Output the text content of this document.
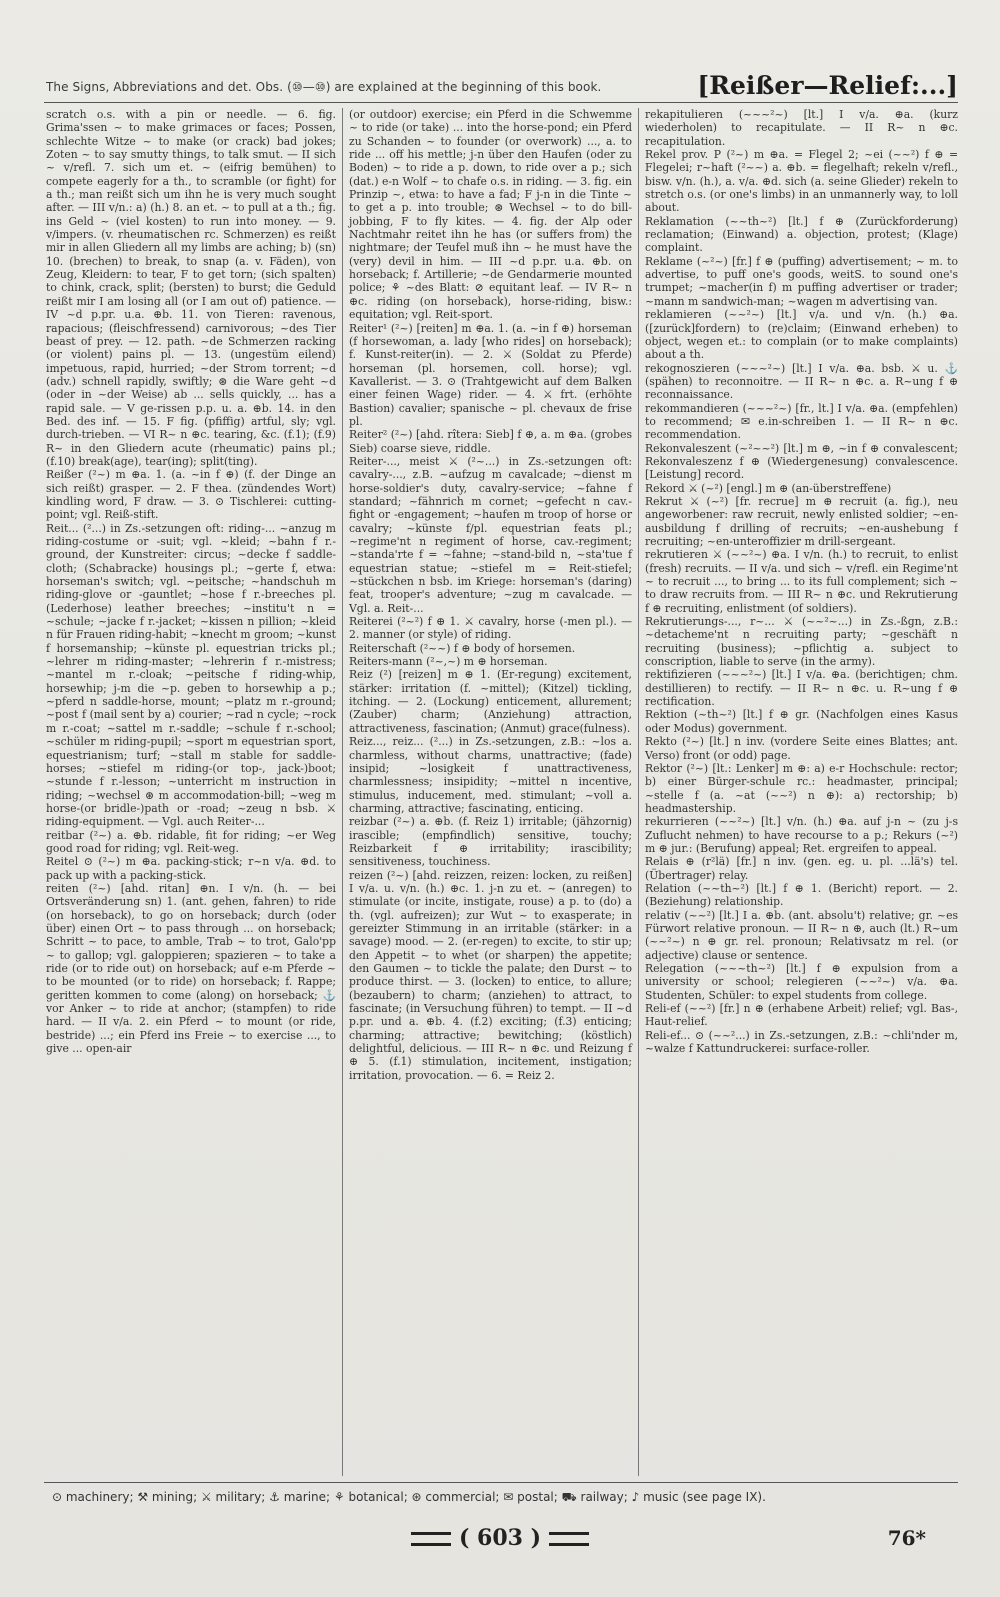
The Signs, Abbreviations and det. Obs. (⑩—⑩) are explained at the beginning of this book.	[Reißer—Relief:...]

scratch o.s. with a pin or needle. — 6. fig. Grima'ssen ~ to make grimaces or faces; Possen, schlechte Witze ~ to make (or crack) bad jokes; Zoten ~ to say smutty things, to talk smut. — II sich ~ v/refl. 7. sich um et. ~ (eifrig bemühen) to compete eagerly for a th., to scramble (or fight) for a th.; man reißt sich um ihn he is very much sought after. — III v/n.: a) (h.) 8. an et. ~ to pull at a th.; fig. ins Geld ~ (viel kosten) to run into money. — 9. v/impers. (v. rheumatischen rc. Schmerzen) es reißt mir in allen Gliedern all my limbs are aching; b) (sn) 10. (brechen) to break, to snap (a. v. Fäden), von Zeug, Kleidern: to tear, F to get torn; (sich spalten) to chink, crack, split; (bersten) to burst; die Geduld reißt mir I am losing all (or I am out of) patience. — IV ~d p.pr. u.a. ⊕b. 11. von Tieren: ravenous, rapacious; (fleischfressend) carnivorous; ~des Tier beast of prey. — 12. path. ~de Schmerzen racking (or violent) pains pl. — 13. (ungestüm eilend) impetuous, rapid, hurried; ~der Strom torrent; ~d (adv.) schnell rapidly, swiftly; ⊛ die Ware geht ~d (oder in ~der Weise) ab ... sells quickly, ... has a rapid sale. — V ge-rissen p.p. u. a. ⊕b. 14. in den Bed. des inf. — 15. F fig. (pfiffig) artful, sly; vgl. durch-trieben. — VI R~ n ⊕c. tearing, &c. (f.1); (f.9) R~ in den Gliedern acute (rheumatic) pains pl.; (f.10) break(age), tear(ing); split(ting).

Reißer (²~) m ⊕a. 1. (a. ~in f ⊕) (f. der Dinge an sich reißt) grasper. — 2. F thea. (zündendes Wort) kindling word, F draw. — 3. ⊙ Tischlerei: cutting-point; vgl. Reiß-stift.

Reit... (²...) in Zs.-setzungen oft: riding-... ~anzug m riding-costume or -suit; vgl. ~kleid; ~bahn f r.-ground, der Kunstreiter: circus; ~decke f saddle-cloth; (Schabracke) housings pl.; ~gerte f, etwa: horseman's switch; vgl. ~peitsche; ~handschuh m riding-glove or -gauntlet; ~hose f r.-breeches pl. (Lederhose) leather breeches; ~institu't n = ~schule; ~jacke f r.-jacket; ~kissen n pillion; ~kleid n für Frauen riding-habit; ~knecht m groom; ~kunst f horsemanship; ~künste pl. equestrian tricks pl.; ~lehrer m riding-master; ~lehrerin f r.-mistress; ~mantel m r.-cloak; ~peitsche f riding-whip, horsewhip; j-m die ~p. geben to horsewhip a p.; ~pferd n saddle-horse, mount; ~platz m r.-ground; ~post f (mail sent by a) courier; ~rad n cycle; ~rock m r.-coat; ~sattel m r.-saddle; ~schule f r.-school; ~schüler m riding-pupil; ~sport m equestrian sport, equestrianism; turf; ~stall m stable for saddle-horses; ~stiefel m riding-(or top-, jack-)boot; ~stunde f r.-lesson; ~unterricht m instruction in riding; ~wechsel ⊛ m accommodation-bill; ~weg m horse-(or bridle-)path or -road; ~zeug n bsb. ⚔ riding-equipment. — Vgl. auch Reiter-...

reitbar (²~) a. ⊕b. ridable, fit for riding; ~er Weg good road for riding; vgl. Reit-weg.

Reitel ⊙ (²~) m ⊕a. packing-stick; r~n v/a. ⊕d. to pack up with a packing-stick.

reiten (²~) [ahd. ritan] ⊕n. I v/n. (h. — bei Ortsveränderung sn) 1. (ant. gehen, fahren) to ride (on horseback), to go on horseback; durch (oder über) einen Ort ~ to pass through ... on horseback; Schritt ~ to pace, to amble, Trab ~ to trot, Galo'pp ~ to gallop; vgl. galoppieren; spazieren ~ to take a ride (or to ride out) on horseback; auf e-m Pferde ~ to be mounted (or to ride) on horseback; f. Rappe; geritten kommen to come (along) on horseback; ⚓ vor Anker ~ to ride at anchor; (stampfen) to ride hard. — II v/a. 2. ein Pferd ~ to mount (or ride, bestride) ...; ein Pferd ins Freie ~ to exercise ..., to give ... open-air

(or outdoor) exercise; ein Pferd in die Schwemme ~ to ride (or take) ... into the horse-pond; ein Pferd zu Schanden ~ to founder (or overwork) ..., a. to ride ... off his mettle; j-n über den Haufen (oder zu Boden) ~ to ride a p. down, to ride over a p.; sich (dat.) e-n Wolf ~ to chafe o.s. in riding. — 3. fig. ein Prinzip ~, etwa: to have a fad; F j-n in die Tinte ~ to get a p. into trouble; ⊛ Wechsel ~ to do bill-jobbing, F to fly kites. — 4. fig. der Alp oder Nachtmahr reitet ihn he has (or suffers from) the nightmare; der Teufel muß ihn ~ he must have the (very) devil in him. — III ~d p.pr. u.a. ⊕b. on horseback; f. Artillerie; ~de Gendarmerie mounted police; ⚘ ~des Blatt: ⊘ equitant leaf. — IV R~ n ⊕c. riding (on horseback), horse-riding, bisw.: equitation; vgl. Reit-sport.

Reiter¹ (²~) [reiten] m ⊕a. 1. (a. ~in f ⊕) horseman (f horsewoman, a. lady [who rides] on horseback); f. Kunst-reiter(in). — 2. ⚔ (Soldat zu Pferde) horseman (pl. horsemen, coll. horse); vgl. Kavallerist. — 3. ⊙ (Trahtgewicht auf dem Balken einer feinen Wage) rider. — 4. ⚔ frt. (erhöhte Bastion) cavalier; spanische ~ pl. chevaux de frise pl.

Reiter² (²~) [ahd. rîtera: Sieb] f ⊕, a. m ⊕a. (grobes Sieb) coarse sieve, riddle.

Reiter-..., meist ⚔ (²~...) in Zs.-setzungen oft: cavalry-..., z.B. ~aufzug m cavalcade; ~dienst m horse-soldier's duty, cavalry-service; ~fahne f standard; ~fähnrich m cornet; ~gefecht n cav.-fight or -engagement; ~haufen m troop of horse or cavalry; ~künste f/pl. equestrian feats pl.; ~regime'nt n regiment of horse, cav.-regiment; ~standa'rte f = ~fahne; ~stand-bild n, ~sta'tue f equestrian statue; ~stiefel m = Reit-stiefel; ~stückchen n bsb. im Kriege: horseman's (daring) feat, trooper's adventure; ~zug m cavalcade. — Vgl. a. Reit-...

Reiterei (²~²) f ⊕ 1. ⚔ cavalry, horse (-men pl.). — 2. manner (or style) of riding.

Reiterschaft (²~~) f ⊕ body of horsemen.

Reiters-mann (²~,~) m ⊕ horseman.

Reiz (²) [reizen] m ⊕ 1. (Er-regung) excitement, stärker: irritation (f. ~mittel); (Kitzel) tickling, itching. — 2. (Lockung) enticement, allurement; (Zauber) charm; (Anziehung) attraction, attractiveness, fascination; (Anmut) grace(fulness).

Reiz..., reiz... (²...) in Zs.-setzungen, z.B.: ~los a. charmless, without charms, unattractive; (fade) insipid; ~losigkeit f unattractiveness, charmlessness; insipidity; ~mittel n incentive, stimulus, inducement, med. stimulant; ~voll a. charming, attractive; fascinating, enticing.

reizbar (²~) a. ⊕b. (f. Reiz 1) irritable; (jähzornig) irascible; (empfindlich) sensitive, touchy; Reizbarkeit f ⊕ irritability; irascibility; sensitiveness, touchiness.

reizen (²~) [ahd. reizzen, reizen: locken, zu reißen] I v/a. u. v/n. (h.) ⊕c. 1. j-n zu et. ~ (anregen) to stimulate (or incite, instigate, rouse) a p. to (do) a th. (vgl. aufreizen); zur Wut ~ to exasperate; in gereizter Stimmung in an irritable (stärker: in a savage) mood. — 2. (er-regen) to excite, to stir up; den Appetit ~ to whet (or sharpen) the appetite; den Gaumen ~ to tickle the palate; den Durst ~ to produce thirst. — 3. (locken) to entice, to allure; (bezaubern) to charm; (anziehen) to attract, to fascinate; (in Versuchung führen) to tempt. — II ~d p.pr. und a. ⊕b. 4. (f.2) exciting; (f.3) enticing; charming; attractive; bewitching; (köstlich) delightful, delicious. — III R~ n ⊕c. und Reizung f ⊕ 5. (f.1) stimulation, incitement, instigation; irritation, provocation. — 6. = Reiz 2.

rekapitulieren (~~~²~) [lt.] I v/a. ⊕a. (kurz wiederholen) to recapitulate. — II R~ n ⊕c. recapitulation.

Rekel prov. P (²~) m ⊕a. = Flegel 2; ~ei (~~²) f ⊕ = Flegelei; r~haft (²~~) a. ⊕b. = flegelhaft; rekeln v/refl., bisw. v/n. (h.), a. v/a. ⊕d. sich (a. seine Glieder) rekeln to stretch o.s. (or one's limbs) in an unmannerly way, to loll about.

Reklamation (~~th~²) [lt.] f ⊕ (Zurückforderung) reclamation; (Einwand) a. objection, protest; (Klage) complaint.

Reklame (~²~) [fr.] f ⊕ (puffing) advertisement; ~ m. to advertise, to puff one's goods, weitS. to sound one's trumpet; ~macher(in f) m puffing advertiser or trader; ~mann m sandwich-man; ~wagen m advertising van.

reklamieren (~~²~) [lt.] v/a. und v/n. (h.) ⊕a. ([zurück]fordern) to (re)claim; (Einwand erheben) to object, wegen et.: to complain (or to make complaints) about a th.

rekognoszieren (~~~²~) [lt.] I v/a. ⊕a. bsb. ⚔ u. ⚓ (spähen) to reconnoitre. — II R~ n ⊕c. a. R~ung f ⊕ reconnaissance.

rekommandieren (~~~²~) [fr., lt.] I v/a. ⊕a. (empfehlen) to recommend; ✉ e.in-schreiben 1. — II R~ n ⊕c. recommendation.

Rekonvaleszent (~²~~²) [lt.] m ⊕, ~in f ⊕ convalescent; Rekonvaleszenz f ⊕ (Wiedergenesung) convalescence. [Leistung] record.

Rekord ⚔ (~²) [engl.] m ⊕ (an-überstreffene)

Rekrut ⚔ (~²) [fr. recrue] m ⊕ recruit (a. fig.), neu angeworbener: raw recruit, newly enlisted soldier; ~en-ausbildung f drilling of recruits; ~en-aushebung f recruiting; ~en-unteroffizier m drill-sergeant.

rekrutieren ⚔ (~~²~) ⊕a. I v/n. (h.) to recruit, to enlist (fresh) recruits. — II v/a. und sich ~ v/refl. ein Regime'nt ~ to recruit ..., to bring ... to its full complement; sich ~ to draw recruits from. — III R~ n ⊕c. und Rekrutierung f ⊕ recruiting, enlistment (of soldiers).

Rekrutierungs-..., r~... ⚔ (~~²~...) in Zs.-ßgn, z.B.: ~detacheme'nt n recruiting party; ~geschäft n recruiting (business); ~pflichtig a. subject to conscription, liable to serve (in the army).

rektifizieren (~~~²~) [lt.] I v/a. ⊕a. (berichtigen; chm. destillieren) to rectify. — II R~ n ⊕c. u. R~ung f ⊕ rectification.

Rektion (~th~²) [lt.] f ⊕ gr. (Nachfolgen eines Kasus oder Modus) government.

Rekto (²~) [lt.] n inv. (vordere Seite eines Blattes; ant. Verso) front (or odd) page.

Rektor (²~) [lt.: Lenker] m ⊕: a) e-r Hochschule: rector; b) einer Bürger-schule rc.: headmaster, principal; ~stelle f (a. ~at (~~²) n ⊕): a) rectorship; b) headmastership.

rekurrieren (~~²~) [lt.] v/n. (h.) ⊕a. auf j-n ~ (zu j-s Zuflucht nehmen) to have recourse to a p.; Rekurs (~²) m ⊕ jur.: (Berufung) appeal; Ret. ergreifen to appeal.

Relais ⊕ (r²lä) [fr.] n inv. (gen. eg. u. pl. ...lä's) tel. (Übertrager) relay.

Relation (~~th~²) [lt.] f ⊕ 1. (Bericht) report. — 2. (Beziehung) relationship.

relativ (~~²) [lt.] I a. ⊕b. (ant. absolu't) relative; gr. ~es Fürwort relative pronoun. — II R~ n ⊕, auch (lt.) R~um (~~²~) n ⊕ gr. rel. pronoun; Relativsatz m rel. (or adjective) clause or sentence.

Relegation (~~~th~²) [lt.] f ⊕ expulsion from a university or school; relegieren (~~²~) v/a. ⊕a. Studenten, Schüler: to expel students from college.

Reli-ef (~~²) [fr.] n ⊕ (erhabene Arbeit) relief; vgl. Bas-, Haut-relief.

Reli-ef... ⊙ (~~²...) in Zs.-setzungen, z.B.: ~chli'nder m, ~walze f Kattundruckerei: surface-roller.

⊙ machinery; ⚒ mining; ⚔ military; ⚓ marine; ⚘ botanical; ⊛ commercial; ✉ postal; ⛟ railway; ♪ music (see page IX).
( 603 )	76*
